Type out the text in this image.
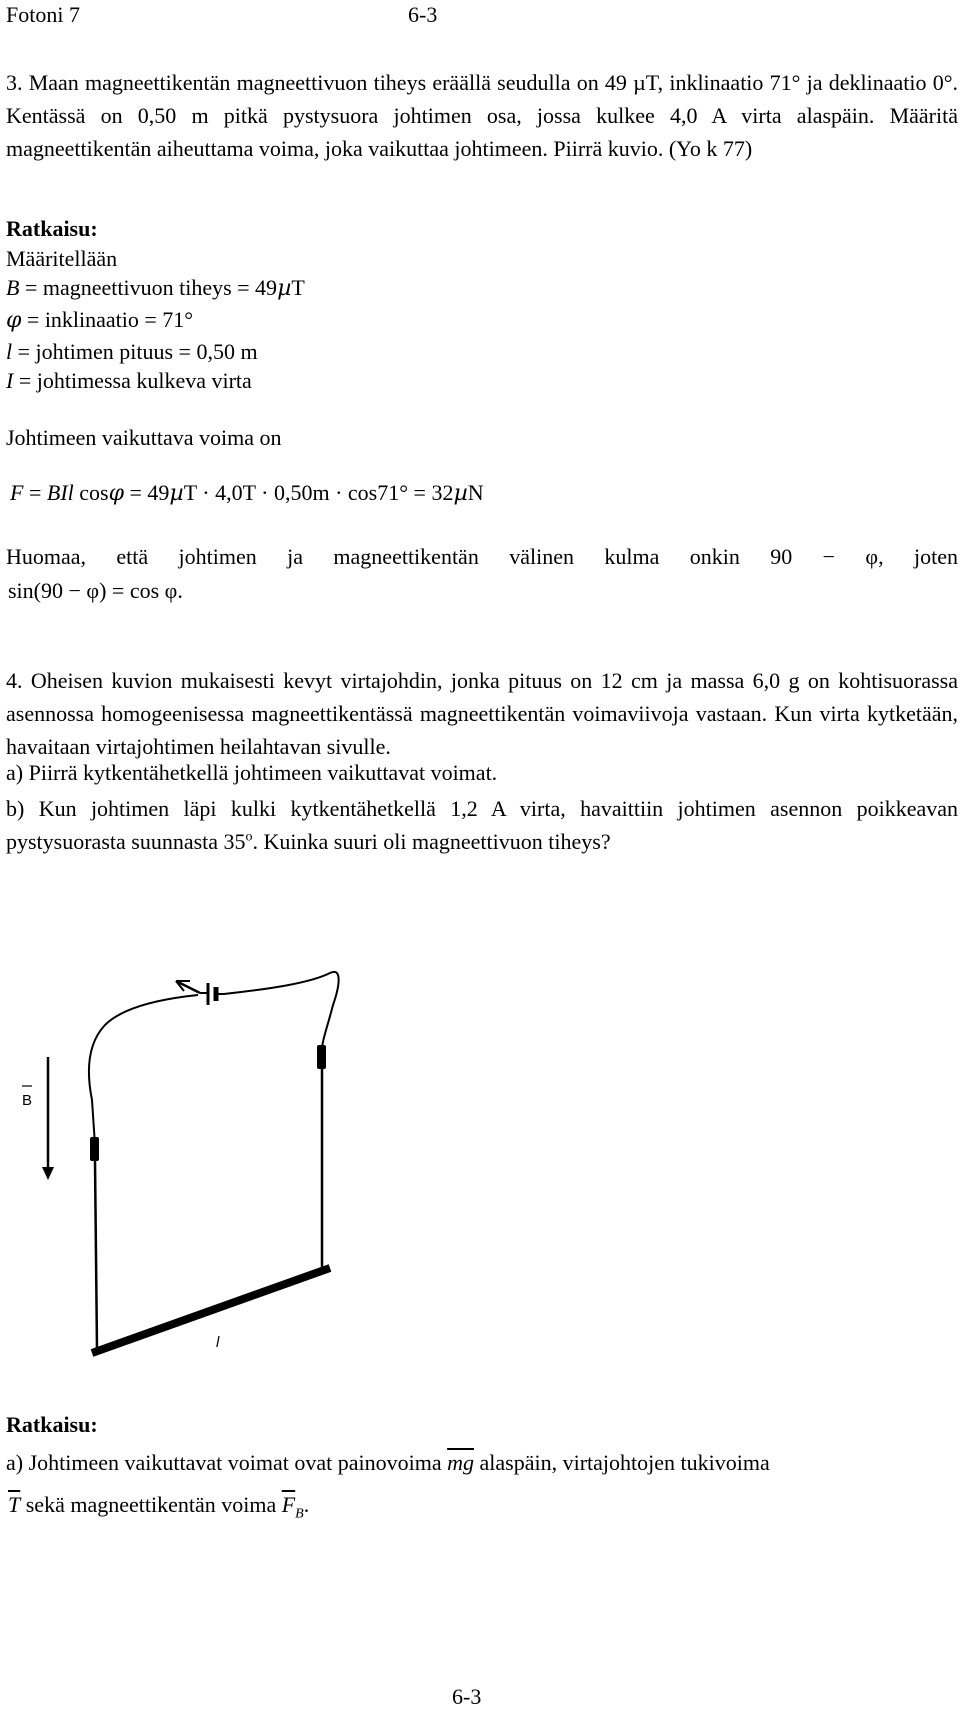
Fotoni 7	6-3
3. Maan magneettikentän magneettivuon tiheys eräällä seudulla on 49 µT, inklinaatio 71° ja deklinaatio 0°. Kentässä on 0,50 m pitkä pystysuora johtimen osa, jossa kulkee 4,0 A virta alaspäin. Määritä magneettikentän aiheuttama voima, joka vaikuttaa johtimeen. Piirrä kuvio. (Yo k 77)
Ratkaisu:
Määritellään
B = magneettivuon tiheys = 49µT
φ = inklinaatio = 71°
l = johtimen pituus = 0,50 m
I = johtimessa kulkeva virta
Johtimeen vaikuttava voima on
F = BIl cosφ = 49µT · 4,0T · 0,50m · cos71° = 32µN
Huomaa, että johtimen ja magneettikentän välinen kulma onkin 90 − φ, joten
sin(90 − φ) = cos φ.
4. Oheisen kuvion mukaisesti kevyt virtajohdin, jonka pituus on 12 cm ja massa 6,0 g on kohtisuorassa asennossa homogeenisessa magneettikentässä magneettikentän voimaviivoja vastaan. Kun virta kytketään, havaitaan virtajohtimen heilahtavan sivulle.
a) Piirrä kytkentähetkellä johtimeen vaikuttavat voimat.
b) Kun johtimen läpi kulki kytkentähetkellä 1,2 A virta, havaittiin johtimen asennon poikkeavan pystysuorasta suunnasta 35$^o$. Kuinka suuri oli magneettivuon tiheys?
B
l
Ratkaisu:
a) Johtimeen vaikuttavat voimat ovat painovoima $\overline{mg}$ alaspäin, virtajohtojen tukivoima
$\overline{T}$ sekä magneettikentän voima $\overline{F}_B$.
6-3
